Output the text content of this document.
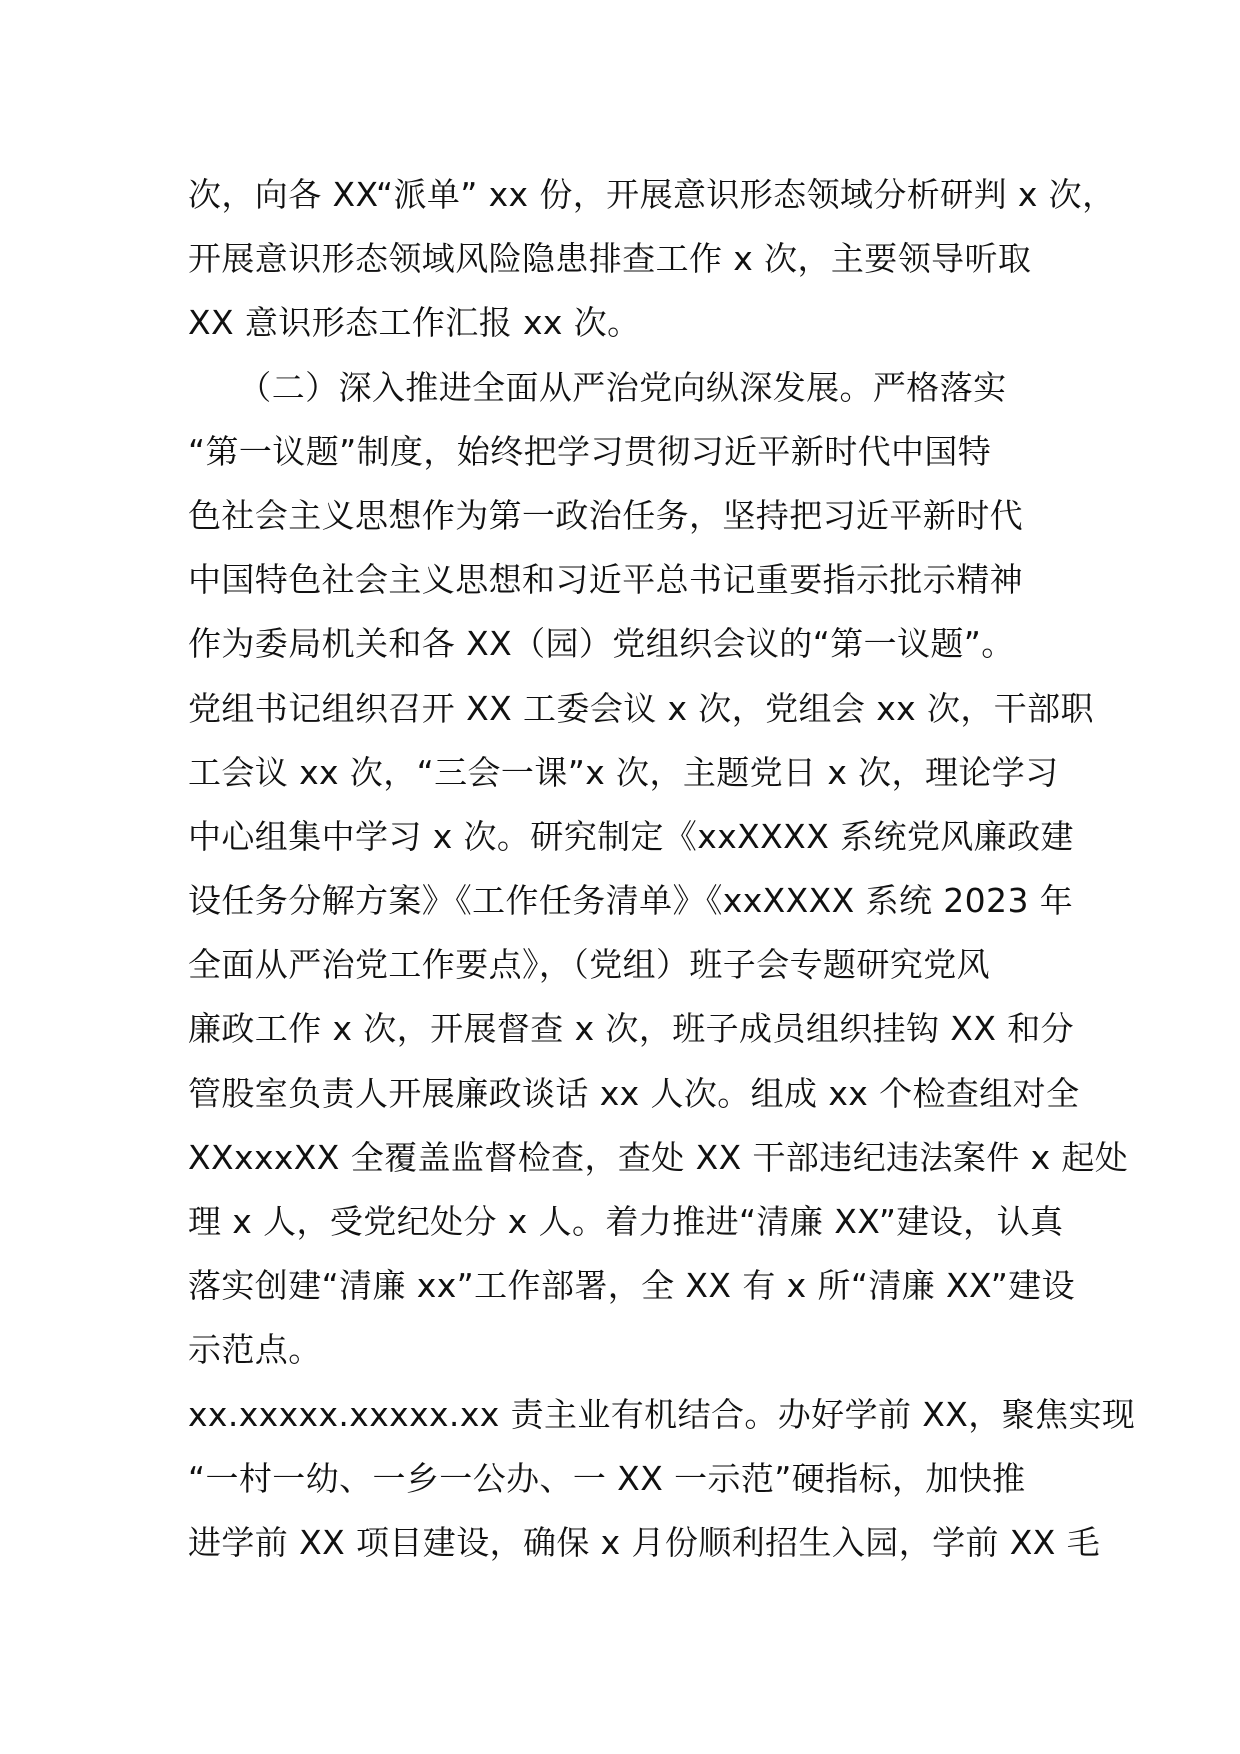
次，向各 XX“派单” xx 份，开展意识形态领域分析研判 x 次，
开展意识形态领域风险隐患排查工作 x 次，主要领导听取
XX 意识形态工作汇报 xx 次。
　　（二）深入推进全面从严治党向纵深发展。严格落实
“第一议题”制度，始终把学习贯彻习近平新时代中国特
色社会主义思想作为第一政治任务，坚持把习近平新时代
中国特色社会主义思想和习近平总书记重要指示批示精神
作为委局机关和各 XX（园）党组织会议的“第一议题”。
党组书记组织召开 XX 工委会议 x 次，党组会 xx 次，干部职
工会议 xx 次，“三会一课”x 次，主题党日 x 次，理论学习
中心组集中学习 x 次。研究制定《xxXXXX 系统党风廉政建
设任务分解方案》《工作任务清单》《xxXXXX 系统 2023 年
全面从严治党工作要点》，（党组）班子会专题研究党风
廉政工作 x 次，开展督查 x 次，班子成员组织挂钩 XX 和分
管股室负责人开展廉政谈话 xx 人次。组成 xx 个检查组对全
XXxxxXX 全覆盖监督检查，查处 XX 干部违纪违法案件 x 起处
理 x 人，受党纪处分 x 人。着力推进“清廉 XX”建设，认真
落实创建“清廉 xx”工作部署，全 XX 有 x 所“清廉 XX”建设
示范点。
xx.xxxxx.xxxxx.xx 责主业有机结合。办好学前 XX，聚焦实现
“一村一幼、一乡一公办、一 XX 一示范”硬指标，加快推
进学前 XX 项目建设，确保 x 月份顺利招生入园，学前 XX 毛
